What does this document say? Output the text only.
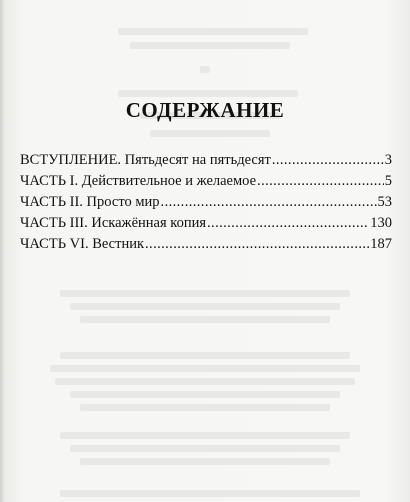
СОДЕРЖАНИЕ
ВСТУПЛЕНИЕ. Пятьдесят на пятьдесят .....	3
ЧАСТЬ I. Действительное и желаемое .....	5
ЧАСТЬ II. Просто мир .....	53
ЧАСТЬ III. Искажённая копия .....	130
ЧАСТЬ VI. Вестник .....	187
